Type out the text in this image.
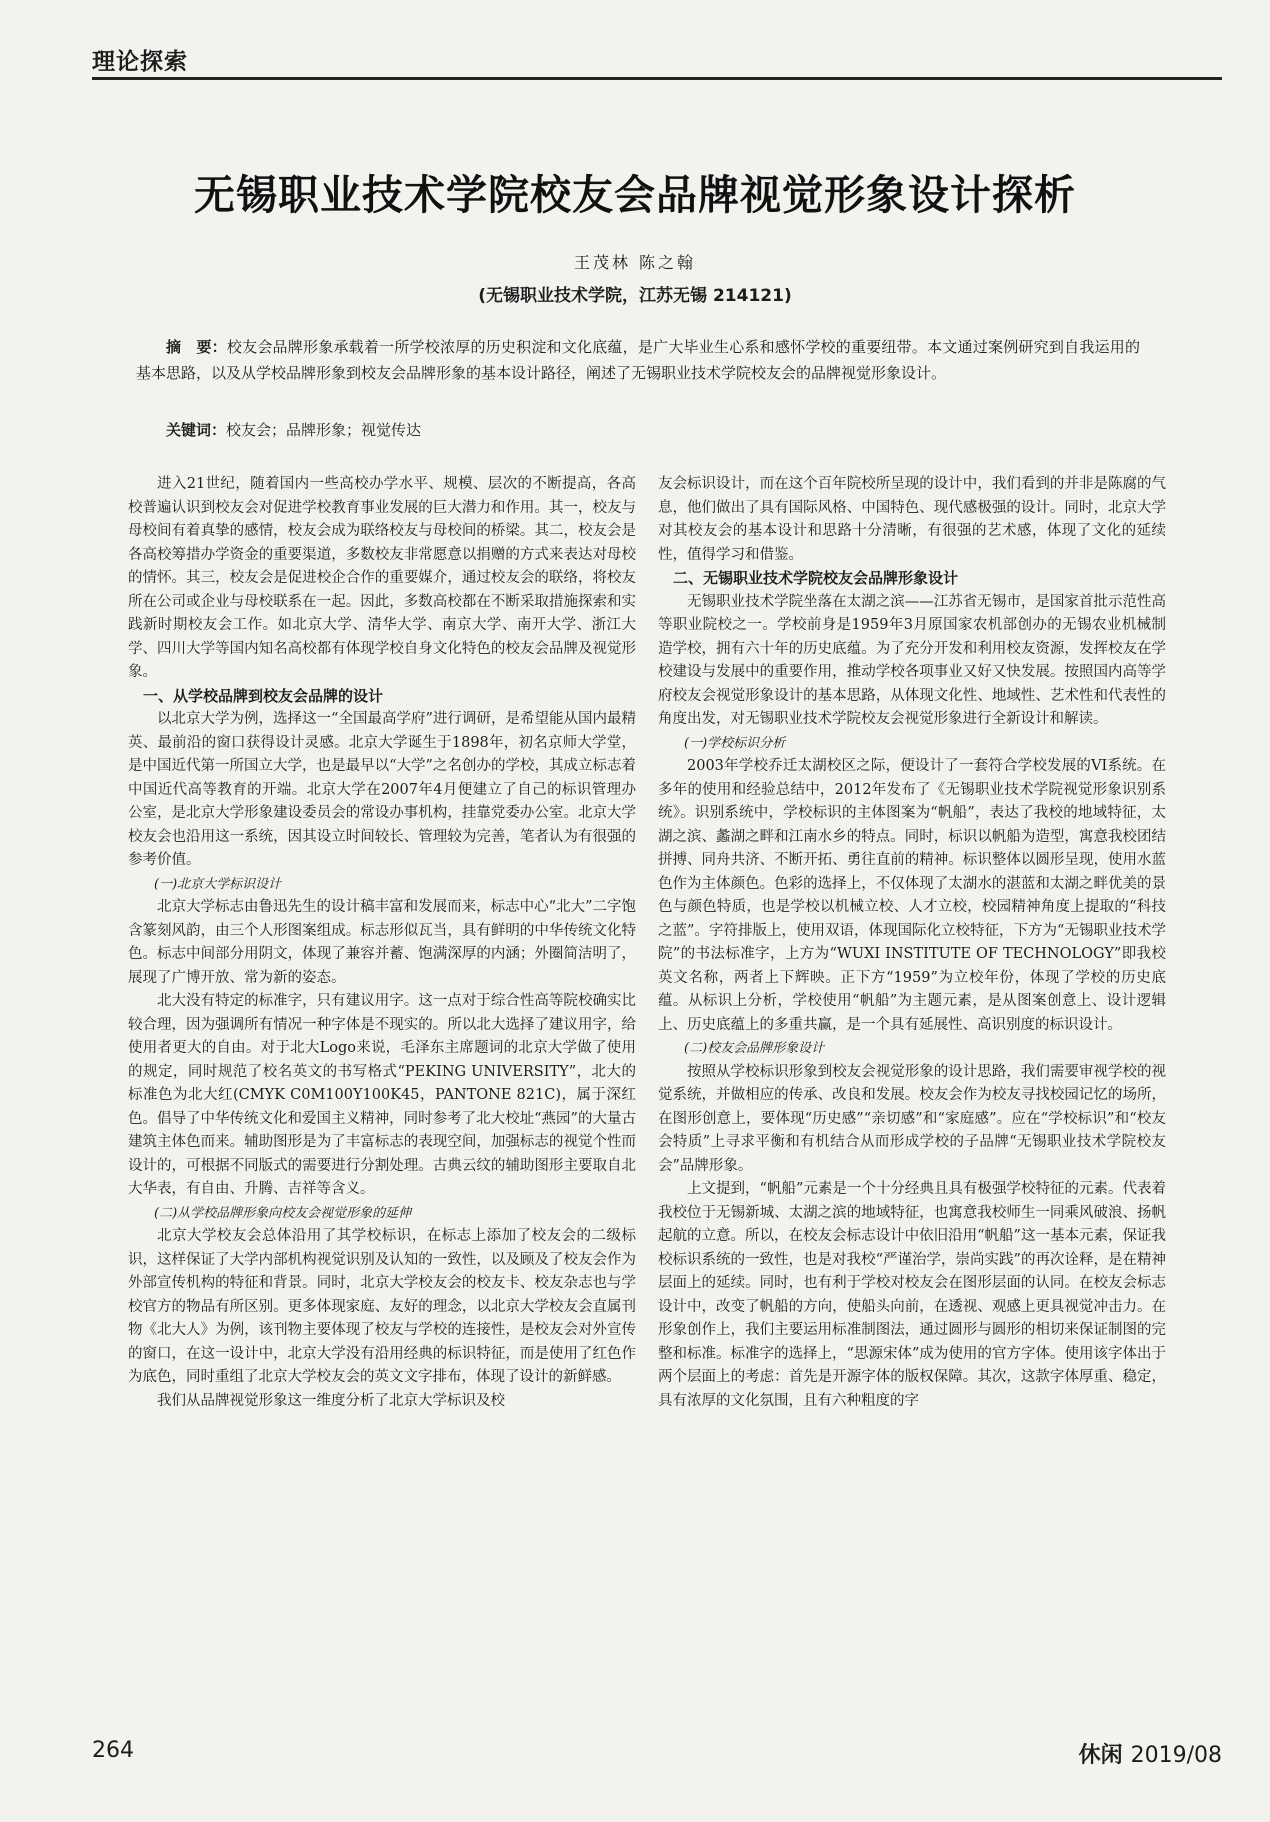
理论探索
无锡职业技术学院校友会品牌视觉形象设计探析
王茂林 陈之翰
(无锡职业技术学院，江苏无锡 214121)
摘　要：校友会品牌形象承载着一所学校浓厚的历史积淀和文化底蕴，是广大毕业生心系和感怀学校的重要纽带。本文通过案例研究到自我运用的基本思路，以及从学校品牌形象到校友会品牌形象的基本设计路径，阐述了无锡职业技术学院校友会的品牌视觉形象设计。
关键词：校友会；品牌形象；视觉传达

进入21世纪，随着国内一些高校办学水平、规模、层次的不断提高，各高校普遍认识到校友会对促进学校教育事业发展的巨大潜力和作用。其一，校友与母校间有着真挚的感情，校友会成为联络校友与母校间的桥梁。其二，校友会是各高校筹措办学资金的重要渠道，多数校友非常愿意以捐赠的方式来表达对母校的情怀。其三，校友会是促进校企合作的重要媒介，通过校友会的联络，将校友所在公司或企业与母校联系在一起。因此，多数高校都在不断采取措施探索和实践新时期校友会工作。如北京大学、清华大学、南京大学、南开大学、浙江大学、四川大学等国内知名高校都有体现学校自身文化特色的校友会品牌及视觉形象。

一、从学校品牌到校友会品牌的设计

以北京大学为例，选择这一“全国最高学府”进行调研，是希望能从国内最精英、最前沿的窗口获得设计灵感。北京大学诞生于1898年，初名京师大学堂，是中国近代第一所国立大学，也是最早以“大学”之名创办的学校，其成立标志着中国近代高等教育的开端。北京大学在2007年4月便建立了自己的标识管理办公室，是北京大学形象建设委员会的常设办事机构，挂靠党委办公室。北京大学校友会也沿用这一系统，因其设立时间较长、管理较为完善，笔者认为有很强的参考价值。

(一)北京大学标识设计

北京大学标志由鲁迅先生的设计稿丰富和发展而来，标志中心“北大”二字饱含篆刻风韵，由三个人形图案组成。标志形似瓦当，具有鲜明的中华传统文化特色。标志中间部分用阴文，体现了兼容并蓄、饱满深厚的内涵；外圈简洁明了，展现了广博开放、常为新的姿态。

北大没有特定的标准字，只有建议用字。这一点对于综合性高等院校确实比较合理，因为强调所有情况一种字体是不现实的。所以北大选择了建议用字，给使用者更大的自由。对于北大Logo来说，毛泽东主席题词的北京大学做了使用的规定，同时规范了校名英文的书写格式“PEKING UNIVERSITY”，北大的标准色为北大红(CMYK C0M100Y100K45，PANTONE 821C)，属于深红色。倡导了中华传统文化和爱国主义精神，同时参考了北大校址“燕园”的大量古建筑主体色而来。辅助图形是为了丰富标志的表现空间，加强标志的视觉个性而设计的，可根据不同版式的需要进行分割处理。古典云纹的辅助图形主要取自北大华表，有自由、升腾、吉祥等含义。

(二)从学校品牌形象向校友会视觉形象的延伸

北京大学校友会总体沿用了其学校标识，在标志上添加了校友会的二级标识，这样保证了大学内部机构视觉识别及认知的一致性，以及顾及了校友会作为外部宣传机构的特征和背景。同时，北京大学校友会的校友卡、校友杂志也与学校官方的物品有所区别。更多体现家庭、友好的理念，以北京大学校友会直属刊物《北大人》为例，该刊物主要体现了校友与学校的连接性，是校友会对外宣传的窗口，在这一设计中，北京大学没有沿用经典的标识特征，而是使用了红色作为底色，同时重组了北京大学校友会的英文文字排布，体现了设计的新鲜感。

我们从品牌视觉形象这一维度分析了北京大学标识及校

友会标识设计，而在这个百年院校所呈现的设计中，我们看到的并非是陈腐的气息，他们做出了具有国际风格、中国特色、现代感极强的设计。同时，北京大学对其校友会的基本设计和思路十分清晰，有很强的艺术感，体现了文化的延续性，值得学习和借鉴。

二、无锡职业技术学院校友会品牌形象设计

无锡职业技术学院坐落在太湖之滨——江苏省无锡市，是国家首批示范性高等职业院校之一。学校前身是1959年3月原国家农机部创办的无锡农业机械制造学校，拥有六十年的历史底蕴。为了充分开发和利用校友资源，发挥校友在学校建设与发展中的重要作用，推动学校各项事业又好又快发展。按照国内高等学府校友会视觉形象设计的基本思路，从体现文化性、地域性、艺术性和代表性的角度出发，对无锡职业技术学院校友会视觉形象进行全新设计和解读。

(一)学校标识分析

2003年学校乔迁太湖校区之际，便设计了一套符合学校发展的VI系统。在多年的使用和经验总结中，2012年发布了《无锡职业技术学院视觉形象识别系统》。识别系统中，学校标识的主体图案为“帆船”，表达了我校的地域特征，太湖之滨、蠡湖之畔和江南水乡的特点。同时，标识以帆船为造型，寓意我校团结拼搏、同舟共济、不断开拓、勇往直前的精神。标识整体以圆形呈现，使用水蓝色作为主体颜色。色彩的选择上，不仅体现了太湖水的湛蓝和太湖之畔优美的景色与颜色特质，也是学校以机械立校、人才立校，校园精神角度上提取的“科技之蓝”。字符排版上，使用双语，体现国际化立校特征，下方为“无锡职业技术学院”的书法标准字，上方为“WUXI INSTITUTE OF TECHNOLOGY”即我校英文名称，两者上下辉映。正下方“1959”为立校年份，体现了学校的历史底蕴。从标识上分析，学校使用“帆船”为主题元素，是从图案创意上、设计逻辑上、历史底蕴上的多重共赢，是一个具有延展性、高识别度的标识设计。

(二)校友会品牌形象设计

按照从学校标识形象到校友会视觉形象的设计思路，我们需要审视学校的视觉系统，并做相应的传承、改良和发展。校友会作为校友寻找校园记忆的场所，在图形创意上，要体现“历史感”“亲切感”和“家庭感”。应在“学校标识”和“校友会特质”上寻求平衡和有机结合从而形成学校的子品牌“无锡职业技术学院校友会”品牌形象。

上文提到，“帆船”元素是一个十分经典且具有极强学校特征的元素。代表着我校位于无锡新城、太湖之滨的地域特征，也寓意我校师生一同乘风破浪、扬帆起航的立意。所以，在校友会标志设计中依旧沿用“帆船”这一基本元素，保证我校标识系统的一致性，也是对我校“严谨治学，崇尚实践”的再次诠释，是在精神层面上的延续。同时，也有利于学校对校友会在图形层面的认同。在校友会标志设计中，改变了帆船的方向，使船头向前，在透视、观感上更具视觉冲击力。在形象创作上，我们主要运用标准制图法，通过圆形与圆形的相切来保证制图的完整和标准。标准字的选择上，“思源宋体”成为使用的官方字体。使用该字体出于两个层面上的考虑：首先是开源字体的版权保障。其次，这款字体厚重、稳定，具有浓厚的文化氛围，且有六种粗度的字

264	休闲 2019/08
